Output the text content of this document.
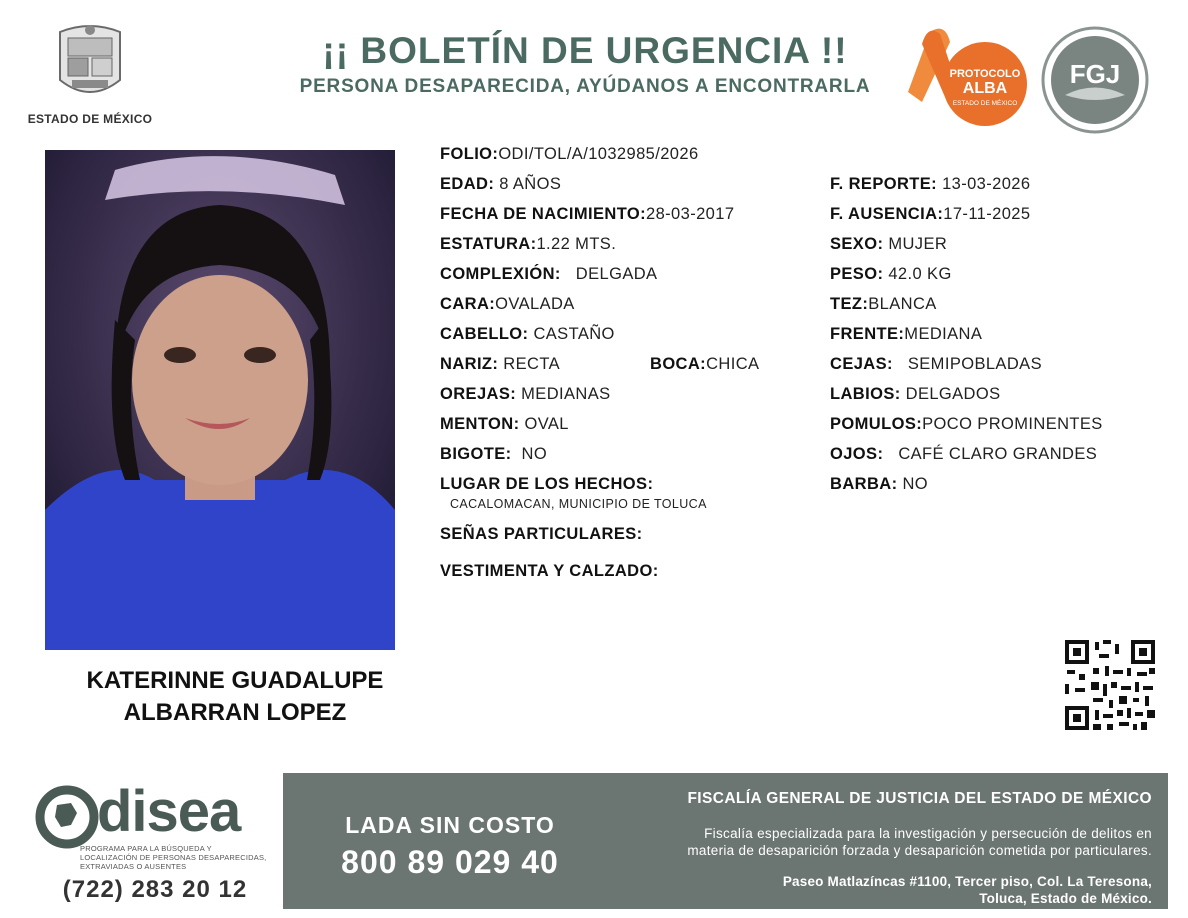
ESTADO DE MÉXICO
¡¡ BOLETÍN DE URGENCIA !!
PERSONA DESAPARECIDA, AYÚDANOS A ENCONTRARLA
PROTOCOLO
ALBA
ESTADO DE MÉXICO
FGJ
KATERINNE GUADALUPE
ALBARRAN LOPEZ
FOLIO:ODI/TOL/A/1032985/2026
EDAD: 8 AÑOS
FECHA DE NACIMIENTO:28-03-2017
ESTATURA:1.22 MTS.
COMPLEXIÓN: DELGADA
CARA:OVALADA
CABELLO: CASTAÑO
NARIZ: RECTA	BOCA:CHICA
OREJAS: MEDIANAS
MENTON: OVAL
BIGOTE: NO
LUGAR DE LOS HECHOS:
CACALOMACAN, MUNICIPIO DE TOLUCA
SEÑAS PARTICULARES:
VESTIMENTA Y CALZADO:
F. REPORTE: 13-03-2026
F. AUSENCIA:17-11-2025
SEXO: MUJER
PESO: 42.0 KG
TEZ:BLANCA
FRENTE:MEDIANA
CEJAS: SEMIPOBLADAS
LABIOS: DELGADOS
POMULOS:POCO PROMINENTES
OJOS: CAFÉ CLARO GRANDES
BARBA: NO
disea
PROGRAMA PARA LA BÚSQUEDA Y LOCALIZACIÓN DE PERSONAS DESAPARECIDAS, EXTRAVIADAS O AUSENTES
(722) 283 20 12
LADA SIN COSTO
800 89 029 40
FISCALÍA GENERAL DE JUSTICIA DEL ESTADO DE MÉXICO
Fiscalía especializada para la investigación y persecución de delitos en
materia de desaparición forzada y desaparición cometida por particulares.
Paseo Matlazíncas #1100, Tercer piso, Col. La Teresona,
Toluca, Estado de México.
